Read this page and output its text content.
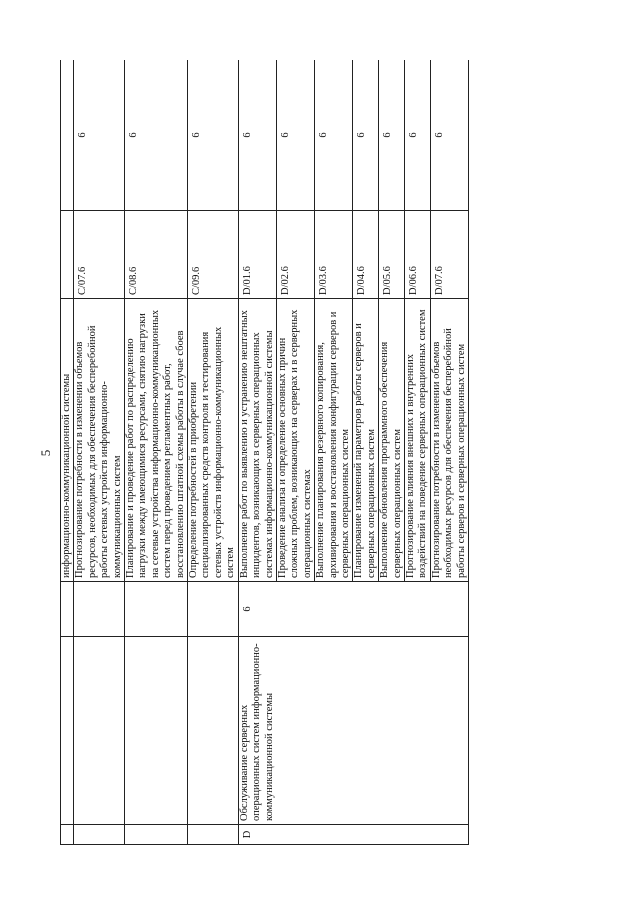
5
			информационно-коммуникационной системы		
			Прогнозирование потребности в изменении объемов ресурсов, необходимых для обеспечения бесперебойной работы сетевых устройств информационно-коммуникационных систем	C/07.6	6
			Планирование и проведение работ по распределению нагрузки между имеющимися ресурсами, снятию нагрузки на сетевые устройства информационно-коммуникационных систем перед проведением регламентных работ, восстановлению штатной схемы работы в случае сбоев	C/08.6	6
			Определение потребностей в приобретении специализированных средств контроля и тестирования сетевых устройств информационно-коммуникационных систем	C/09.6	6
D	Обслуживание серверных операционных систем информационно-коммуникационной системы	6	Выполнение работ по выявлению и устранению нештатных инцидентов, возникающих в серверных операционных системах информационно-коммуникационной системы	D/01.6	6
			Проведение анализа и определение основных причин сложных проблем, возникающих на серверах и в серверных операционных системах	D/02.6	6
			Выполнение планирования резервного копирования, архивирования и восстановления конфигурации серверов и серверных операционных систем	D/03.6	6
			Планирование изменений параметров работы серверов и серверных операционных систем	D/04.6	6
			Выполнение обновления программного обеспечения серверных операционных систем	D/05.6	6
			Прогнозирование влияния внешних и внутренних воздействий на поведение серверных операционных систем	D/06.6	6
			Прогнозирование потребности в изменении объемов необходимых ресурсов для обеспечения бесперебойной работы серверов и серверных операционных систем	D/07.6	6
